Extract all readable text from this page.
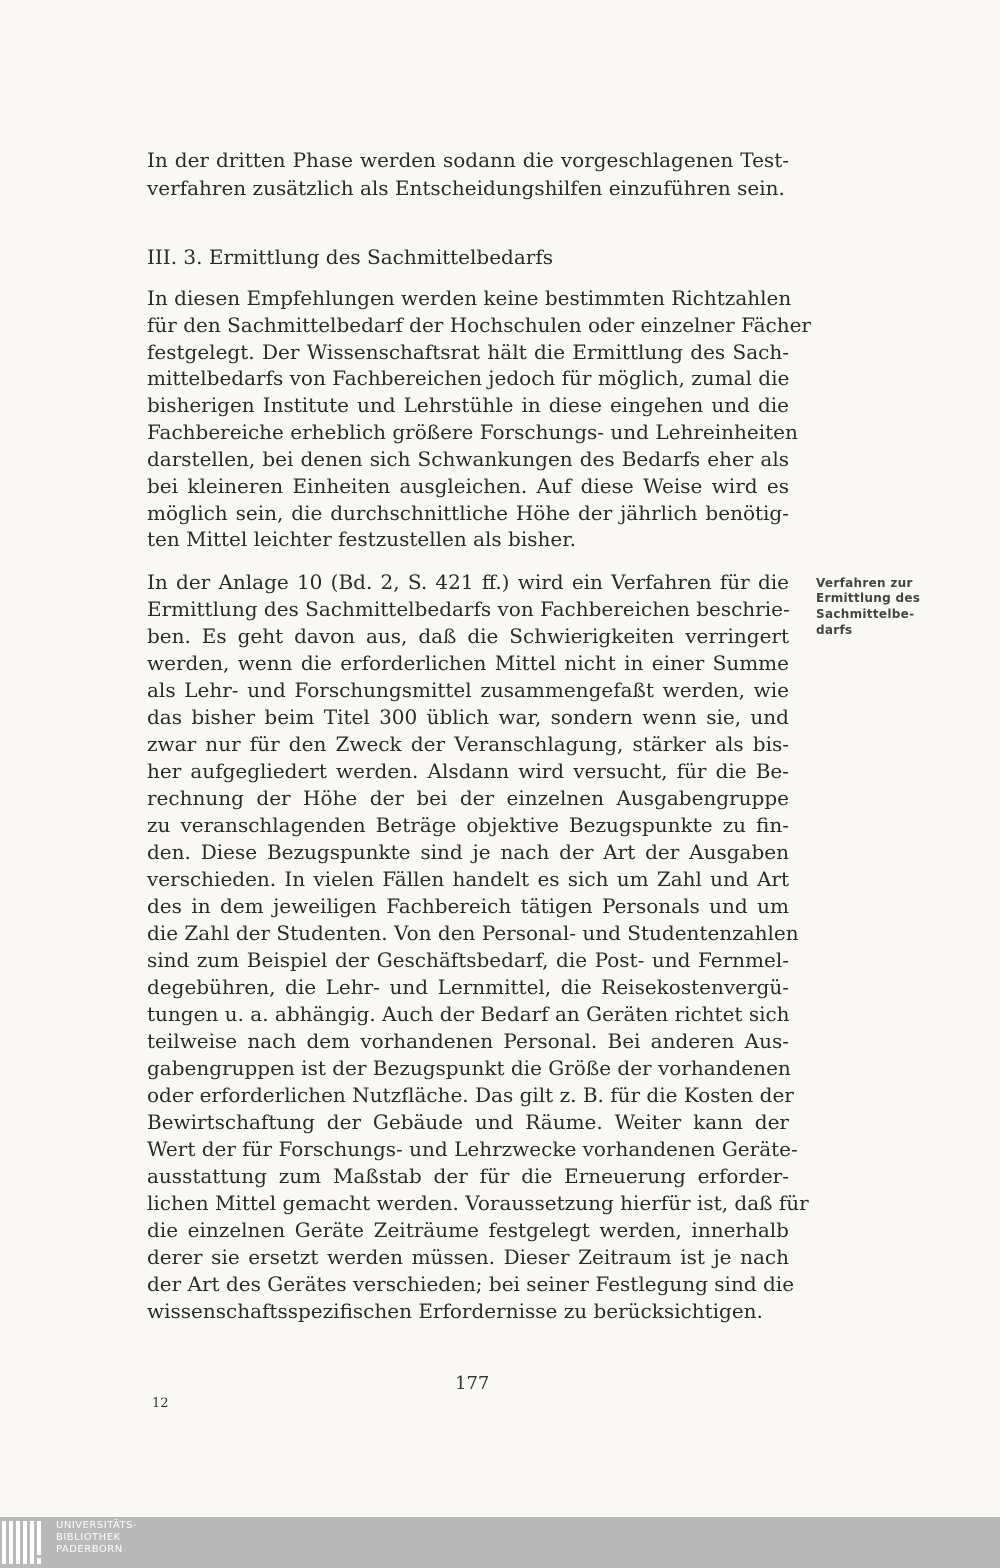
In der dritten Phase werden sodann die vorgeschlagenen Test-
verfahren zusätzlich als Entscheidungshilfen einzuführen sein.
III. 3. Ermittlung des Sachmittelbedarfs
In diesen Empfehlungen werden keine bestimmten Richtzahlen
für den Sachmittelbedarf der Hochschulen oder einzelner Fächer
festgelegt. Der Wissenschaftsrat hält die Ermittlung des Sach-
mittelbedarfs von Fachbereichen jedoch für möglich, zumal die
bisherigen Institute und Lehrstühle in diese eingehen und die
Fachbereiche erheblich größere Forschungs- und Lehreinheiten
darstellen, bei denen sich Schwankungen des Bedarfs eher als
bei kleineren Einheiten ausgleichen. Auf diese Weise wird es
möglich sein, die durchschnittliche Höhe der jährlich benötig-
ten Mittel leichter festzustellen als bisher.
In der Anlage 10 (Bd. 2, S. 421 ff.) wird ein Verfahren für die
Ermittlung des Sachmittelbedarfs von Fachbereichen beschrie-
ben. Es geht davon aus, daß die Schwierigkeiten verringert
werden, wenn die erforderlichen Mittel nicht in einer Summe
als Lehr- und Forschungsmittel zusammengefaßt werden, wie
das bisher beim Titel 300 üblich war, sondern wenn sie, und
zwar nur für den Zweck der Veranschlagung, stärker als bis-
her aufgegliedert werden. Alsdann wird versucht, für die Be-
rechnung der Höhe der bei der einzelnen Ausgabengruppe
zu veranschlagenden Beträge objektive Bezugspunkte zu fin-
den. Diese Bezugspunkte sind je nach der Art der Ausgaben
verschieden. In vielen Fällen handelt es sich um Zahl und Art
des in dem jeweiligen Fachbereich tätigen Personals und um
die Zahl der Studenten. Von den Personal- und Studentenzahlen
sind zum Beispiel der Geschäftsbedarf, die Post- und Fernmel-
degebühren, die Lehr- und Lernmittel, die Reisekostenvergü-
tungen u. a. abhängig. Auch der Bedarf an Geräten richtet sich
teilweise nach dem vorhandenen Personal. Bei anderen Aus-
gabengruppen ist der Bezugspunkt die Größe der vorhandenen
oder erforderlichen Nutzfläche. Das gilt z. B. für die Kosten der
Bewirtschaftung der Gebäude und Räume. Weiter kann der
Wert der für Forschungs- und Lehrzwecke vorhandenen Geräte-
ausstattung zum Maßstab der für die Erneuerung erforder-
lichen Mittel gemacht werden. Voraussetzung hierfür ist, daß für
die einzelnen Geräte Zeiträume festgelegt werden, innerhalb
derer sie ersetzt werden müssen. Dieser Zeitraum ist je nach
der Art des Gerätes verschieden; bei seiner Festlegung sind die
wissenschaftsspezifischen Erfordernisse zu berücksichtigen.
Verfahren zur
Ermittlung des
Sachmittelbe-
darfs
177
12
UNIVERSITÄTS-
BIBLIOTHEK
PADERBORN
